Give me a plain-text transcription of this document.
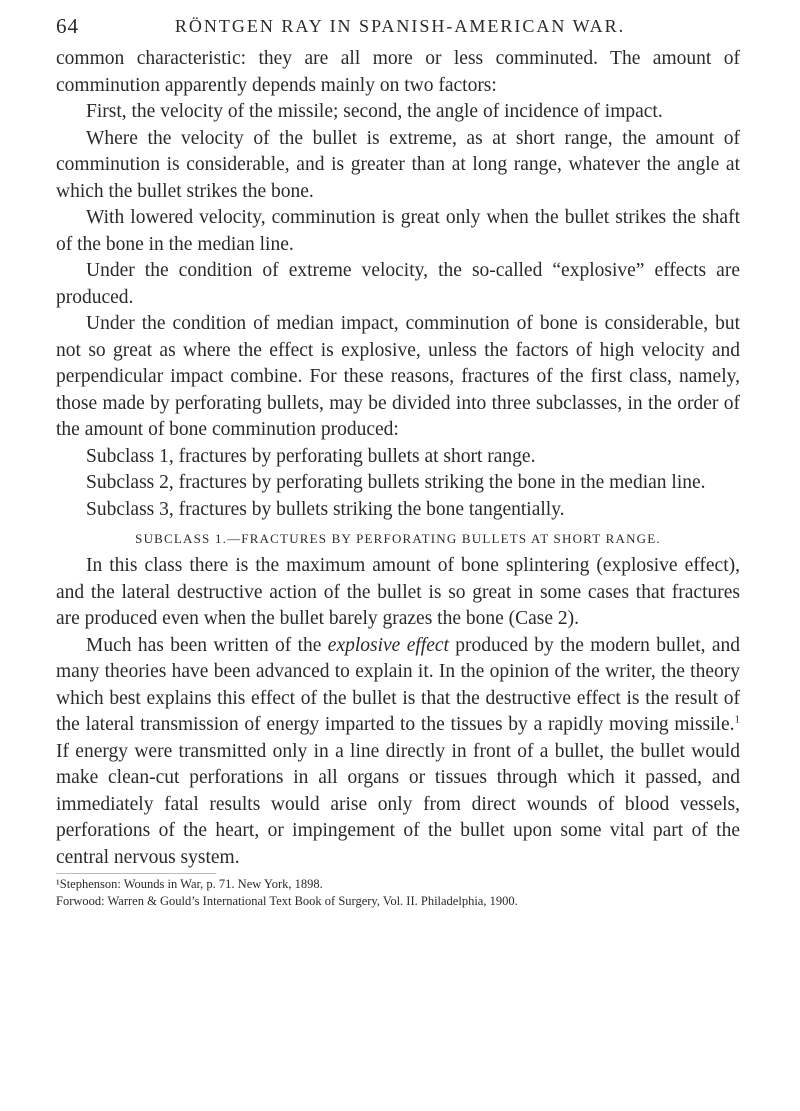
64	RÖNTGEN RAY IN SPANISH-AMERICAN WAR.

common characteristic: they are all more or less comminuted. The amount of comminution apparently depends mainly on two factors:

First, the velocity of the missile; second, the angle of incidence of impact.

Where the velocity of the bullet is extreme, as at short range, the amount of comminution is considerable, and is greater than at long range, whatever the angle at which the bullet strikes the bone.

With lowered velocity, comminution is great only when the bullet strikes the shaft of the bone in the median line.

Under the condition of extreme velocity, the so-called “explosive” effects are produced.

Under the condition of median impact, comminution of bone is considerable, but not so great as where the effect is explosive, unless the factors of high velocity and perpendicular impact combine. For these reasons, fractures of the first class, namely, those made by perforating bullets, may be divided into three subclasses, in the order of the amount of bone comminution produced:

Subclass 1, fractures by perforating bullets at short range.

Subclass 2, fractures by perforating bullets striking the bone in the median line.

Subclass 3, fractures by bullets striking the bone tangentially.

SUBCLASS 1.—FRACTURES BY PERFORATING BULLETS AT SHORT RANGE.

In this class there is the maximum amount of bone splintering (explosive effect), and the lateral destructive action of the bullet is so great in some cases that fractures are produced even when the bullet barely grazes the bone (Case 2).

Much has been written of the explosive effect produced by the modern bullet, and many theories have been advanced to explain it. In the opinion of the writer, the theory which best explains this effect of the bullet is that the destructive effect is the result of the lateral transmission of energy imparted to the tissues by a rapidly moving missile.$^1$ If energy were transmitted only in a line directly in front of a bullet, the bullet would make clean-cut perforations in all organs or tissues through which it passed, and immediately fatal results would arise only from direct wounds of blood vessels, perforations of the heart, or impingement of the bullet upon some vital part of the central nervous system.

¹Stephenson: Wounds in War, p. 71. New York, 1898.

Forwood: Warren & Gould’s International Text Book of Surgery, Vol. II. Philadelphia, 1900.
